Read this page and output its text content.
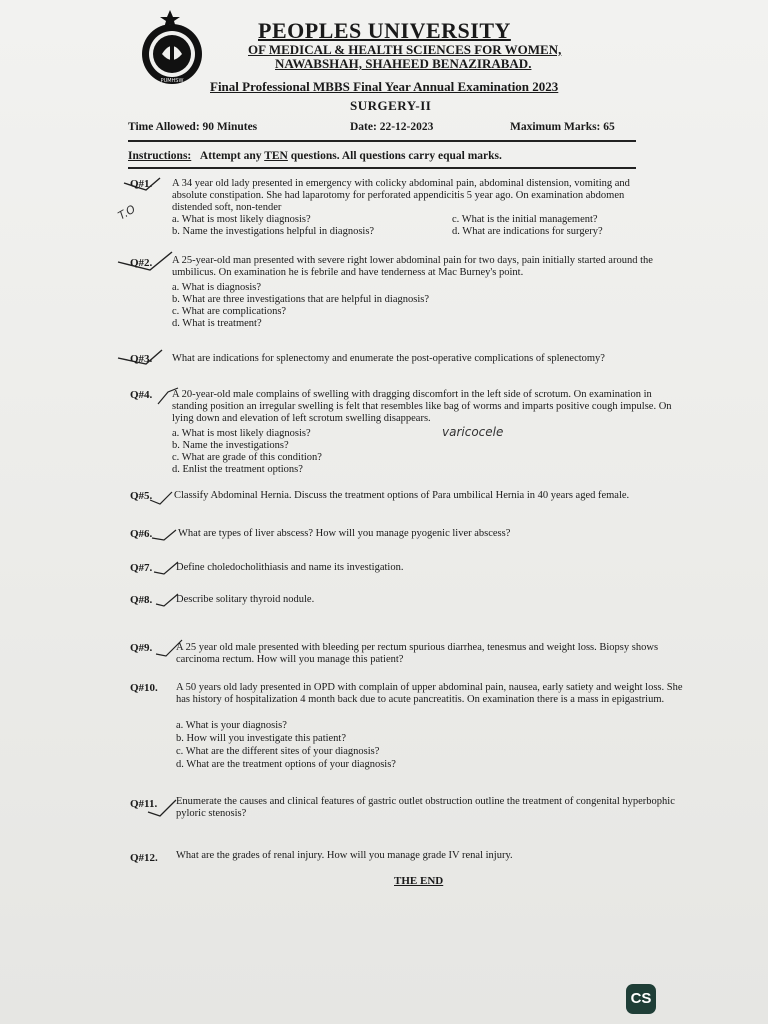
PUMHSW
PEOPLES UNIVERSITY
OF MEDICAL & HEALTH SCIENCES FOR WOMEN,
NAWABSHAH, SHAHEED BENAZIRABAD.
Final Professional MBBS Final Year Annual Examination 2023
SURGERY-II
Time Allowed: 90 Minutes	Date: 22-12-2023	Maximum Marks: 65
Instructions: Attempt any TEN questions. All questions carry equal marks.
Q#1. A 34 year old lady presented in emergency with colicky abdominal pain, abdominal distension, vomiting and absolute constipation. She had laparotomy for perforated appendicitis 5 year ago. On examination abdomen distended soft, non-tender
a. What is most likely diagnosis?
b. Name the investigations helpful in diagnosis?
c. What is the initial management?
d. What are indications for surgery?
Q#2. A 25-year-old man presented with severe right lower abdominal pain for two days, pain initially started around the umbilicus. On examination he is febrile and have tenderness at Mac Burney's point.
a. What is diagnosis?
b. What are three investigations that are helpful in diagnosis?
c. What are complications?
d. What is treatment?
Q#3. What are indications for splenectomy and enumerate the post-operative complications of splenectomy?
Q#4. A 20-year-old male complains of swelling with dragging discomfort in the left side of scrotum. On examination in standing position an irregular swelling is felt that resembles like bag of worms and imparts positive cough impulse. On lying down and elevation of left scrotum swelling disappears.
a. What is most likely diagnosis?
b. Name the investigations?
c. What are grade of this condition?
d. Enlist the treatment options?
Q#5. Classify Abdominal Hernia. Discuss the treatment options of Para umbilical Hernia in 40 years aged female.
Q#6. What are types of liver abscess? How will you manage pyogenic liver abscess?
Q#7. Define choledocholithiasis and name its investigation.
Q#8. Describe solitary thyroid nodule.
Q#9. A 25 year old male presented with bleeding per rectum spurious diarrhea, tenesmus and weight loss. Biopsy shows carcinoma rectum. How will you manage this patient?
Q#10. A 50 years old lady presented in OPD with complain of upper abdominal pain, nausea, early satiety and weight loss. She has history of hospitalization 4 month back due to acute pancreatitis. On examination there is a mass in epigastrium.
a. What is your diagnosis?
b. How will you investigate this patient?
c. What are the different sites of your diagnosis?
d. What are the treatment options of your diagnosis?
Q#11. Enumerate the causes and clinical features of gastric outlet obstruction outline the treatment of congenital hyperbophic pyloric stenosis?
Q#12. What are the grades of renal injury. How will you manage grade IV renal injury.
THE END
T.O
varicocele
CS
